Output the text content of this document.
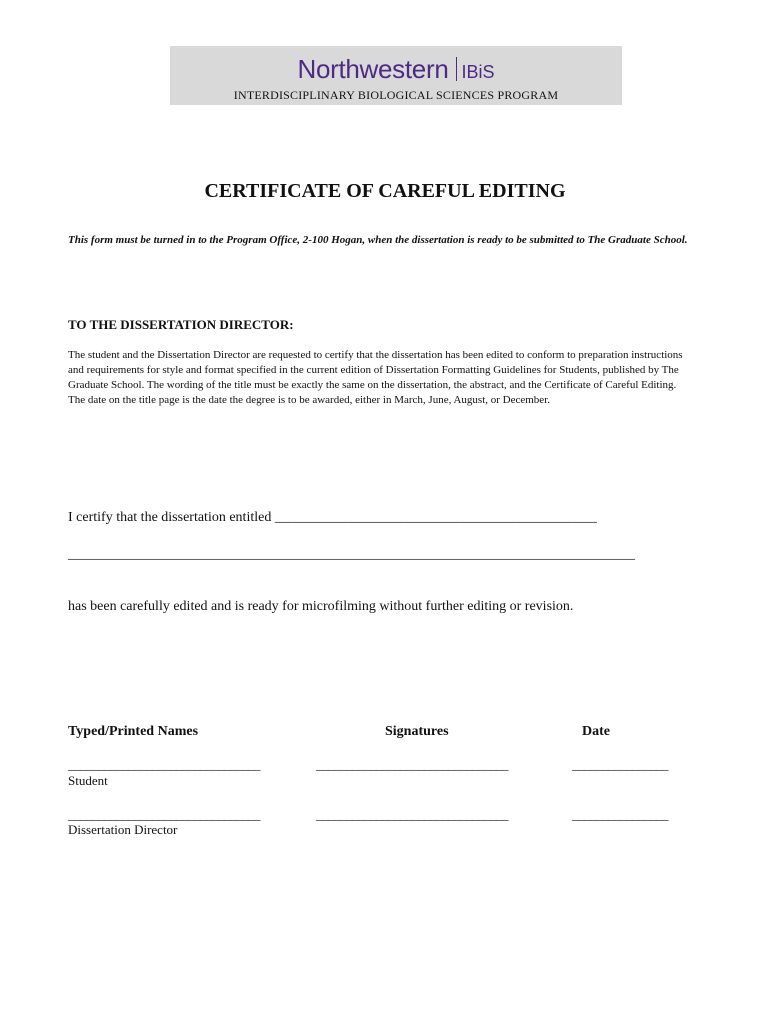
Northwestern IBiS
INTERDISCIPLINARY BIOLOGICAL SCIENCES PROGRAM
CERTIFICATE OF CAREFUL EDITING
This form must be turned in to the Program Office, 2-100 Hogan, when the dissertation is ready to be submitted to The Graduate School.
TO THE DISSERTATION DIRECTOR:
The student and the Dissertation Director are requested to certify that the dissertation has been edited to conform to preparation instructions and requirements for style and format specified in the current edition of Dissertation Formatting Guidelines for Students, published by The Graduate School. The wording of the title must be exactly the same on the dissertation, the abstract, and the Certificate of Careful Editing. The date on the title page is the date the degree is to be awarded, either in March, June, August, or December.
I certify that the dissertation entitled ______________________________________________
_________________________________________________________________________________
has been carefully edited and is ready for microfilming without further editing or revision.
Typed/Printed Names	Signatures	Date
________________________________	________________________________	________________
Student
________________________________	________________________________	________________
Dissertation Director
